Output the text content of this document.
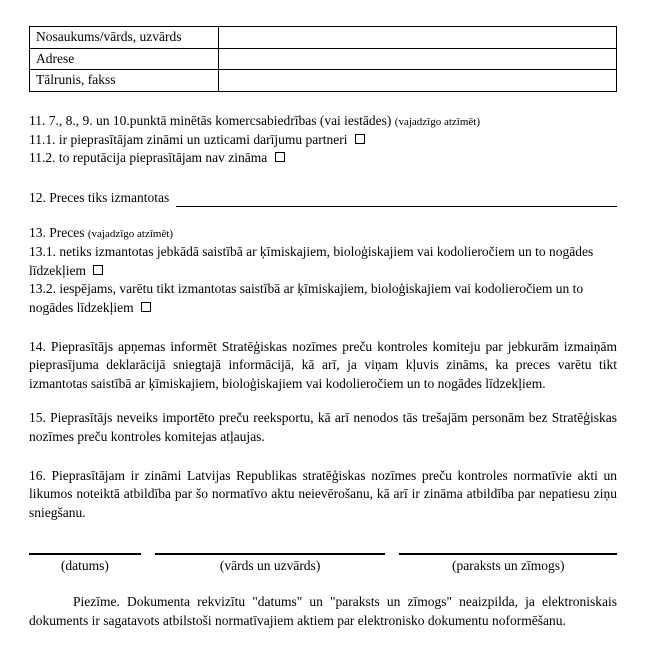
Nosaukums/vārds, uzvārds	
Adrese	
Tālrunis, fakss	

11. 7., 8., 9. un 10.punktā minētās komercsabiedrības (vai iestādes) (vajadzīgo atzīmēt)

11.1. ir pieprasītājam zināmi un uzticami darījumu partneri

11.2. to reputācija pieprasītājam nav zināma

12. Preces tiks izmantotas

13. Preces (vajadzīgo atzīmēt)

13.1. netiks izmantotas jebkādā saistībā ar ķīmiskajiem, bioloģiskajiem vai kodolieročiem un to nogādes līdzekļiem

13.2. iespējams, varētu tikt izmantotas saistībā ar ķīmiskajiem, bioloģiskajiem vai kodolieročiem un to nogādes līdzekļiem

14. Pieprasītājs apņemas informēt Stratēģiskas nozīmes preču kontroles komiteju par jebkurām izmaiņām pieprasījuma deklarācijā sniegtajā informācijā, kā arī, ja viņam kļuvis zināms, ka preces varētu tikt izmantotas saistībā ar ķīmiskajiem, bioloģiskajiem vai kodolieročiem un to nogādes līdzekļiem.

15. Pieprasītājs neveiks importēto preču reeksportu, kā arī nenodos tās trešajām personām bez Stratēģiskas nozīmes preču kontroles komitejas atļaujas.

16. Pieprasītājam ir zināmi Latvijas Republikas stratēģiskas nozīmes preču kontroles normatīvie akti un likumos noteiktā atbildība par šo normatīvo aktu neievērošanu, kā arī ir zināma atbildība par nepatiesu ziņu sniegšanu.

(datums)	(vārds un uzvārds)	(paraksts un zīmogs)

Piezīme. Dokumenta rekvizītu "datums" un "paraksts un zīmogs" neaizpilda, ja elektroniskais dokuments ir sagatavots atbilstoši normatīvajiem aktiem par elektronisko dokumentu noformēšanu.
